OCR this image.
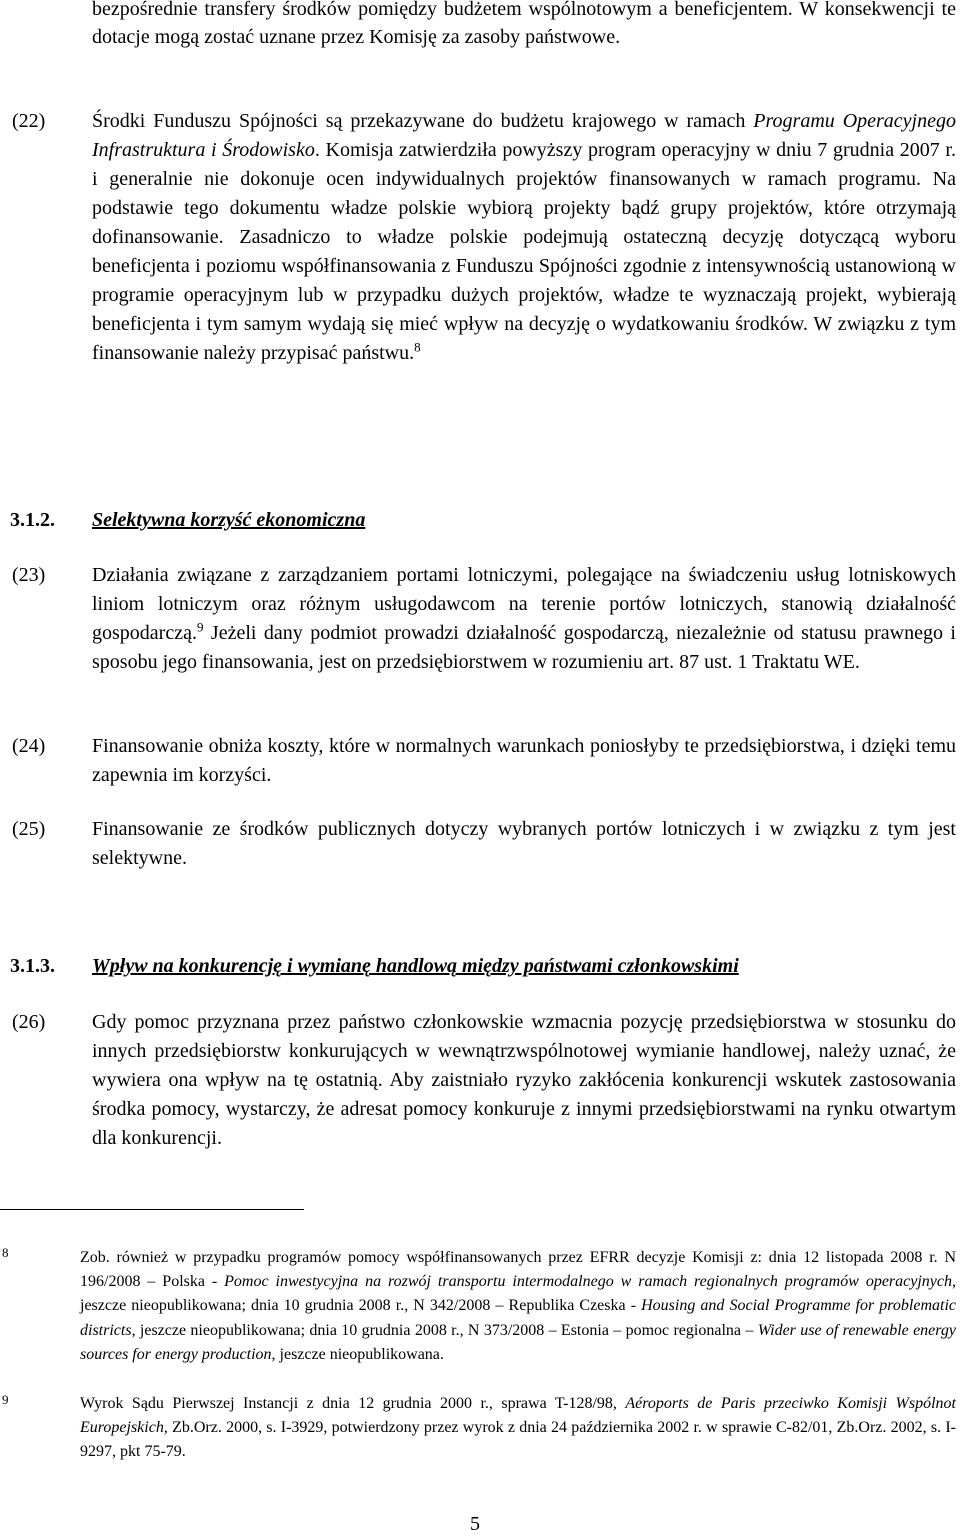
bezpośrednie transfery środków pomiędzy budżetem wspólnotowym a beneficjentem. W konsekwencji te dotacje mogą zostać uznane przez Komisję za zasoby państwowe.
(22) Środki Funduszu Spójności są przekazywane do budżetu krajowego w ramach Programu Operacyjnego Infrastruktura i Środowisko. Komisja zatwierdziła powyższy program operacyjny w dniu 7 grudnia 2007 r. i generalnie nie dokonuje ocen indywidualnych projektów finansowanych w ramach programu. Na podstawie tego dokumentu władze polskie wybiorą projekty bądź grupy projektów, które otrzymają dofinansowanie. Zasadniczo to władze polskie podejmują ostateczną decyzję dotyczącą wyboru beneficjenta i poziomu współfinansowania z Funduszu Spójności zgodnie z intensywnością ustanowioną w programie operacyjnym lub w przypadku dużych projektów, władze te wyznaczają projekt, wybierają beneficjenta i tym samym wydają się mieć wpływ na decyzję o wydatkowaniu środków. W związku z tym finansowanie należy przypisać państwu.$^8$
3.1.2. Selektywna korzyść ekonomiczna
(23) Działania związane z zarządzaniem portami lotniczymi, polegające na świadczeniu usług lotniskowych liniom lotniczym oraz różnym usługodawcom na terenie portów lotniczych, stanowią działalność gospodarczą.$^9$ Jeżeli dany podmiot prowadzi działalność gospodarczą, niezależnie od statusu prawnego i sposobu jego finansowania, jest on przedsiębiorstwem w rozumieniu art. 87 ust. 1 Traktatu WE.
(24) Finansowanie obniża koszty, które w normalnych warunkach poniosłyby te przedsiębiorstwa, i dzięki temu zapewnia im korzyści.
(25) Finansowanie ze środków publicznych dotyczy wybranych portów lotniczych i w związku z tym jest selektywne.
3.1.3. Wpływ na konkurencję i wymianę handlową między państwami członkowskimi
(26) Gdy pomoc przyznana przez państwo członkowskie wzmacnia pozycję przedsiębiorstwa w stosunku do innych przedsiębiorstw konkurujących w wewnątrzwspólnotowej wymianie handlowej, należy uznać, że wywiera ona wpływ na tę ostatnią. Aby zaistniało ryzyko zakłócenia konkurencji wskutek zastosowania środka pomocy, wystarczy, że adresat pomocy konkuruje z innymi przedsiębiorstwami na rynku otwartym dla konkurencji.
8	Zob. również w przypadku programów pomocy współfinansowanych przez EFRR decyzje Komisji z: dnia 12 listopada 2008 r. N 196/2008 – Polska - Pomoc inwestycyjna na rozwój transportu intermodalnego w ramach regionalnych programów operacyjnych, jeszcze nieopublikowana; dnia 10 grudnia 2008 r., N 342/2008 – Republika Czeska - Housing and Social Programme for problematic districts, jeszcze nieopublikowana; dnia 10 grudnia 2008 r., N 373/2008 – Estonia – pomoc regionalna – Wider use of renewable energy sources for energy production, jeszcze nieopublikowana.
9	Wyrok Sądu Pierwszej Instancji z dnia 12 grudnia 2000 r., sprawa T-128/98, Aéroports de Paris przeciwko Komisji Wspólnot Europejskich, Zb.Orz. 2000, s. I-3929, potwierdzony przez wyrok z dnia 24 października 2002 r. w sprawie C-82/01, Zb.Orz. 2002, s. I-9297, pkt 75-79.
5
